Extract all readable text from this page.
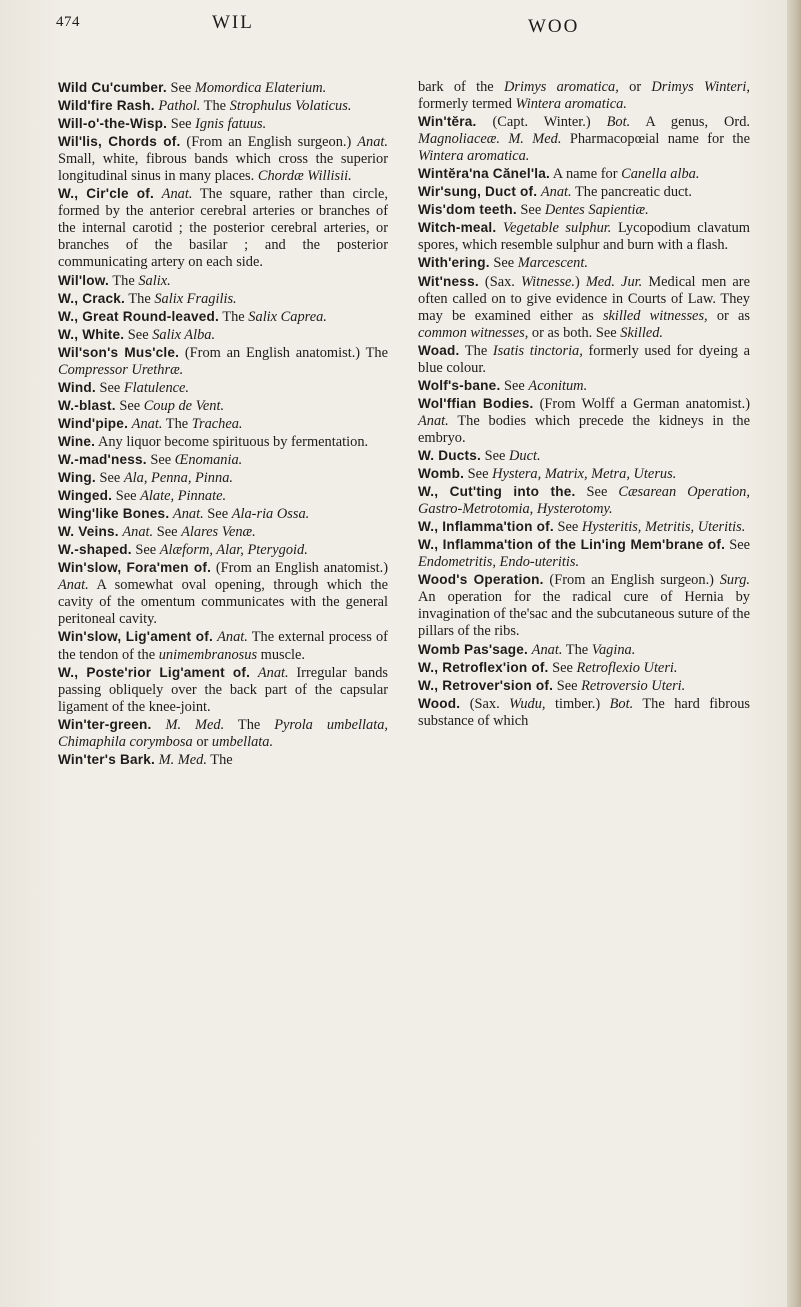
474	WIL	WOO

Wild Cu'cumber. See Momordica Elaterium.

Wild'fire Rash. Pathol. The Strophulus Volaticus.

Will-o'-the-Wisp. See Ignis fatuus.

Wil'lis, Chords of. (From an English surgeon.) Anat. Small, white, fibrous bands which cross the superior longitudinal sinus in many places. Chordæ Willisii.

W., Cir'cle of. Anat. The square, rather than circle, formed by the anterior cerebral arteries or branches of the internal carotid ; the posterior cerebral arteries, or branches of the basilar ; and the posterior communicating artery on each side.

Wil'low. The Salix.

W., Crack. The Salix Fragilis.

W., Great Round-leaved. The Salix Caprea.

W., White. See Salix Alba.

Wil'son's Mus'cle. (From an English anatomist.) The Compressor Urethræ.

Wind. See Flatulence.

W.-blast. See Coup de Vent.

Wind'pipe. Anat. The Trachea.

Wine. Any liquor become spirituous by fermentation.

W.-mad'ness. See Œnomania.

Wing. See Ala, Penna, Pinna.

Winged. See Alate, Pinnate.

Wing'like Bones. Anat. See Ala-ria Ossa.

W. Veins. Anat. See Alares Venæ.

W.-shaped. See Alæform, Alar, Pterygoid.

Win'slow, Fora'men of. (From an English anatomist.) Anat. A somewhat oval opening, through which the cavity of the omentum communicates with the general peritoneal cavity.

Win'slow, Lig'ament of. Anat. The external process of the tendon of the unimembranosus muscle.

W., Poste'rior Lig'ament of. Anat. Irregular bands passing obliquely over the back part of the capsular ligament of the knee-joint.

Win'ter-green. M. Med. The Pyrola umbellata, Chimaphila corymbosa or umbellata.

Win'ter's Bark. M. Med. The

bark of the Drimys aromatica, or Drimys Winteri, formerly termed Wintera aromatica.

Win'tĕra. (Capt. Winter.) Bot. A genus, Ord. Magnoliaceæ. M. Med. Pharmacopœial name for the Wintera aromatica.

Wintĕra'na Cănel'la. A name for Canella alba.

Wir'sung, Duct of. Anat. The pancreatic duct.

Wis'dom teeth. See Dentes Sapientiæ.

Witch-meal. Vegetable sulphur. Lycopodium clavatum spores, which resemble sulphur and burn with a flash.

With'ering. See Marcescent.

Wit'ness. (Sax. Witnesse.) Med. Jur. Medical men are often called on to give evidence in Courts of Law. They may be examined either as skilled witnesses, or as common witnesses, or as both. See Skilled.

Woad. The Isatis tinctoria, formerly used for dyeing a blue colour.

Wolf's-bane. See Aconitum.

Wol'ffian Bodies. (From Wolff a German anatomist.) Anat. The bodies which precede the kidneys in the embryo.

W. Ducts. See Duct.

Womb. See Hystera, Matrix, Metra, Uterus.

W., Cut'ting into the. See Cæsarean Operation, Gastro-Metrotomia, Hysterotomy.

W., Inflamma'tion of. See Hysteritis, Metritis, Uteritis.

W., Inflamma'tion of the Lin'ing Mem'brane of. See Endometritis, Endo-uteritis.

Wood's Operation. (From an English surgeon.) Surg. An operation for the radical cure of Hernia by invagination of the'sac and the subcutaneous suture of the pillars of the ribs.

Womb Pas'sage. Anat. The Vagina.

W., Retroflex'ion of. See Retroflexio Uteri.

W., Retrover'sion of. See Retroversio Uteri.

Wood. (Sax. Wudu, timber.) Bot. The hard fibrous substance of which
